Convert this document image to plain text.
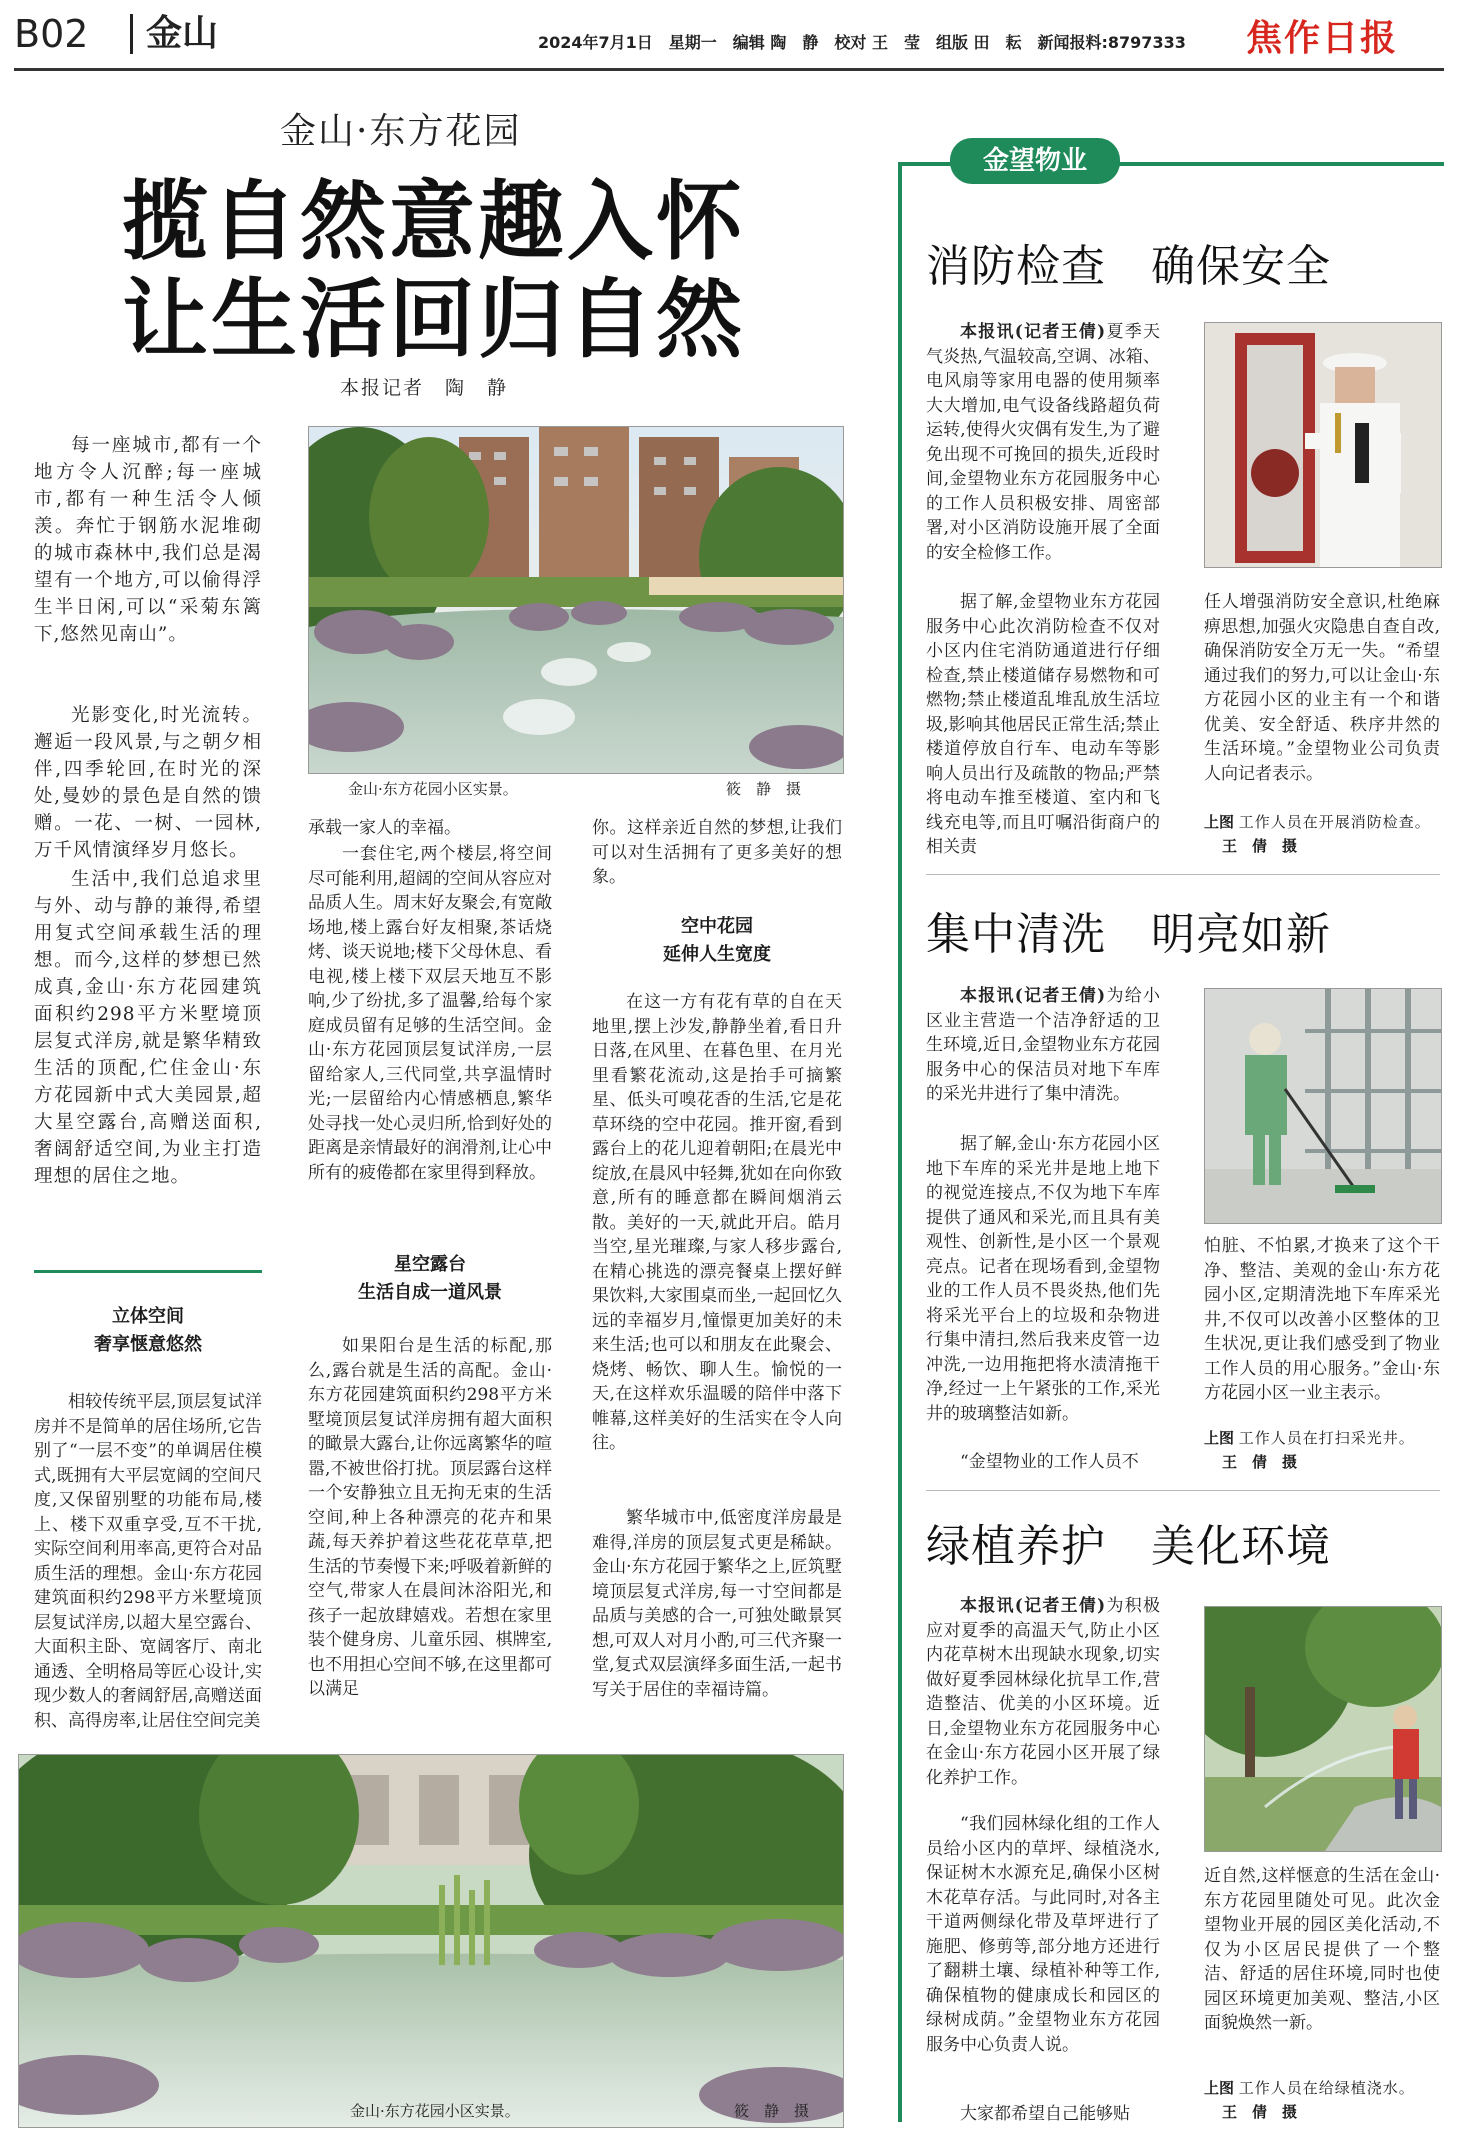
B02 金山	2024年7月1日　星期一　编辑 陶　静　校对 王　莹　组版 田　耘　新闻报料:8797333 焦作日报
金山·东方花园
揽自然意趣入怀
让生活回归自然
本报记者　陶　静
每一座城市,都有一个地方令人沉醉;每一座城市,都有一种生活令人倾羡。奔忙于钢筋水泥堆砌的城市森林中,我们总是渴望有一个地方,可以偷得浮生半日闲,可以“采菊东篱下,悠然见南山”。
光影变化,时光流转。邂逅一段风景,与之朝夕相伴,四季轮回,在时光的深处,曼妙的景色是自然的馈赠。一花、一树、一园林,万千风情演绎岁月悠长。
生活中,我们总追求里与外、动与静的兼得,希望用复式空间承载生活的理想。而今,这样的梦想已然成真,金山·东方花园建筑面积约298平方米墅境顶层复式洋房,就是繁华精致生活的顶配,伫住金山·东方花园新中式大美园景,超大星空露台,高赠送面积,奢阔舒适空间,为业主打造理想的居住之地。
立体空间
奢享惬意悠然
相较传统平层,顶层复试洋房并不是简单的居住场所,它告别了“一层不变”的单调居住模式,既拥有大平层宽阔的空间尺度,又保留别墅的功能布局,楼上、楼下双重享受,互不干扰,实际空间利用率高,更符合对品质生活的理想。金山·东方花园建筑面积约298平方米墅境顶层复试洋房,以超大星空露台、大面积主卧、宽阔客厅、南北通透、全明格局等匠心设计,实现少数人的奢阔舒居,高赠送面积、高得房率,让居住空间完美
金山·东方花园小区实景。	筱　静　摄
承载一家人的幸福。
一套住宅,两个楼层,将空间尽可能利用,超阔的空间从容应对品质人生。周末好友聚会,有宽敞场地,楼上露台好友相聚,茶话烧烤、谈天说地;楼下父母休息、看电视,楼上楼下双层天地互不影响,少了纷扰,多了温馨,给每个家庭成员留有足够的生活空间。金山·东方花园顶层复试洋房,一层留给家人,三代同堂,共享温情时光;一层留给内心情感栖息,繁华处寻找一处心灵归所,恰到好处的距离是亲情最好的润滑剂,让心中所有的疲倦都在家里得到释放。
星空露台
生活自成一道风景
如果阳台是生活的标配,那么,露台就是生活的高配。金山·东方花园建筑面积约298平方米墅境顶层复试洋房拥有超大面积的瞰景大露台,让你远离繁华的喧嚣,不被世俗打扰。顶层露台这样一个安静独立且无拘无束的生活空间,种上各种漂亮的花卉和果蔬,每天养护着这些花花草草,把生活的节奏慢下来;呼吸着新鲜的空气,带家人在晨间沐浴阳光,和孩子一起放肆嬉戏。若想在家里装个健身房、儿童乐园、棋牌室,也不用担心空间不够,在这里都可以满足
你。这样亲近自然的梦想,让我们可以对生活拥有了更多美好的想象。
空中花园
延伸人生宽度
在这一方有花有草的自在天地里,摆上沙发,静静坐着,看日升日落,在风里、在暮色里、在月光里看繁花流动,这是抬手可摘繁星、低头可嗅花香的生活,它是花草环绕的空中花园。推开窗,看到露台上的花儿迎着朝阳;在晨光中绽放,在晨风中轻舞,犹如在向你致意,所有的睡意都在瞬间烟消云散。美好的一天,就此开启。皓月当空,星光璀璨,与家人移步露台,在精心挑选的漂亮餐桌上摆好鲜果饮料,大家围桌而坐,一起回忆久远的幸福岁月,憧憬更加美好的未来生活;也可以和朋友在此聚会、烧烤、畅饮、聊人生。愉悦的一天,在这样欢乐温暖的陪伴中落下帷幕,这样美好的生活实在令人向往。
繁华城市中,低密度洋房最是难得,洋房的顶层复式更是稀缺。金山·东方花园于繁华之上,匠筑墅境顶层复式洋房,每一寸空间都是品质与美感的合一,可独处瞰景冥想,可双人对月小酌,可三代齐聚一堂,复式双层演绎多面生活,一起书写关于居住的幸福诗篇。
金山·东方花园小区实景。	筱　静　摄
金望物业
消防检查　确保安全
本报讯(记者王倩)夏季天气炎热,气温较高,空调、冰箱、电风扇等家用电器的使用频率大大增加,电气设备线路超负荷运转,使得火灾偶有发生,为了避免出现不可挽回的损失,近段时间,金望物业东方花园服务中心的工作人员积极安排、周密部署,对小区消防设施开展了全面的安全检修工作。
据了解,金望物业东方花园服务中心此次消防检查不仅对小区内住宅消防通道进行仔细检查,禁止楼道储存易燃物和可燃物;禁止楼道乱堆乱放生活垃圾,影响其他居民正常生活;禁止楼道停放自行车、电动车等影响人员出行及疏散的物品;严禁将电动车推至楼道、室内和飞线充电等,而且叮嘱沿街商户的相关责
任人增强消防安全意识,杜绝麻痹思想,加强火灾隐患自查自改,确保消防安全万无一失。“希望通过我们的努力,可以让金山·东方花园小区的业主有一个和谐优美、安全舒适、秩序井然的生活环境。”金望物业公司负责人向记者表示。
上图 工作人员在开展消防检查。 王　倩　摄
集中清洗　明亮如新
本报讯(记者王倩)为给小区业主营造一个洁净舒适的卫生环境,近日,金望物业东方花园服务中心的保洁员对地下车库的采光井进行了集中清洗。
据了解,金山·东方花园小区地下车库的采光井是地上地下的视觉连接点,不仅为地下车库提供了通风和采光,而且具有美观性、创新性,是小区一个景观亮点。记者在现场看到,金望物业的工作人员不畏炎热,他们先将采光平台上的垃圾和杂物进行集中清扫,然后我来皮管一边冲洗,一边用拖把将水渍清拖干净,经过一上午紧张的工作,采光井的玻璃整洁如新。
“金望物业的工作人员不
怕脏、不怕累,才换来了这个干净、整洁、美观的金山·东方花园小区,定期清洗地下车库采光井,不仅可以改善小区整体的卫生状况,更让我们感受到了物业工作人员的用心服务。”金山·东方花园小区一业主表示。
上图 工作人员在打扫采光井。 王　倩　摄
绿植养护　美化环境
本报讯(记者王倩)为积极应对夏季的高温天气,防止小区内花草树木出现缺水现象,切实做好夏季园林绿化抗旱工作,营造整洁、优美的小区环境。近日,金望物业东方花园服务中心在金山·东方花园小区开展了绿化养护工作。
“我们园林绿化组的工作人员给小区内的草坪、绿植浇水,保证树木水源充足,确保小区树木花草存活。与此同时,对各主干道两侧绿化带及草坪进行了施肥、修剪等,部分地方还进行了翻耕土壤、绿植补种等工作,确保植物的健康成长和园区的绿树成荫。”金望物业东方花园服务中心负责人说。
大家都希望自己能够贴
近自然,这样惬意的生活在金山·东方花园里随处可见。此次金望物业开展的园区美化活动,不仅为小区居民提供了一个整洁、舒适的居住环境,同时也使园区环境更加美观、整洁,小区面貌焕然一新。
上图 工作人员在给绿植浇水。 王　倩　摄
